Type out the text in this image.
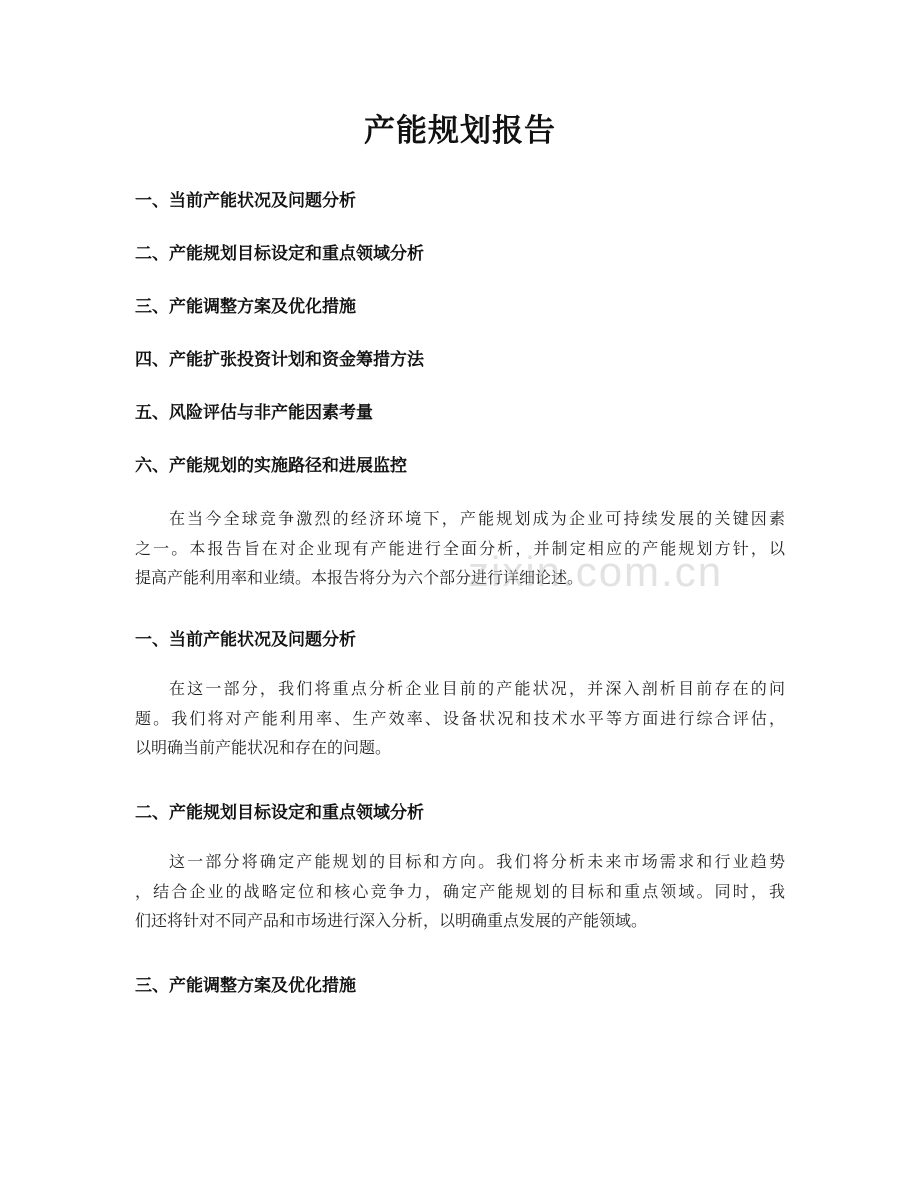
产能规划报告
一、当前产能状况及问题分析
二、产能规划目标设定和重点领域分析
三、产能调整方案及优化措施
四、产能扩张投资计划和资金筹措方法
五、风险评估与非产能因素考量
六、产能规划的实施路径和进展监控
在当今全球竞争激烈的经济环境下，产能规划成为企业可持续发展的关键因素
之一。本报告旨在对企业现有产能进行全面分析，并制定相应的产能规划方针，以
提高产能利用率和业绩。本报告将分为六个部分进行详细论述。
一、当前产能状况及问题分析
在这一部分，我们将重点分析企业目前的产能状况，并深入剖析目前存在的问
题。我们将对产能利用率、生产效率、设备状况和技术水平等方面进行综合评估，
以明确当前产能状况和存在的问题。
二、产能规划目标设定和重点领域分析
这一部分将确定产能规划的目标和方向。我们将分析未来市场需求和行业趋势
，结合企业的战略定位和核心竞争力，确定产能规划的目标和重点领域。同时，我
们还将针对不同产品和市场进行深入分析，以明确重点发展的产能领域。
三、产能调整方案及优化措施
zixin.com.cn
